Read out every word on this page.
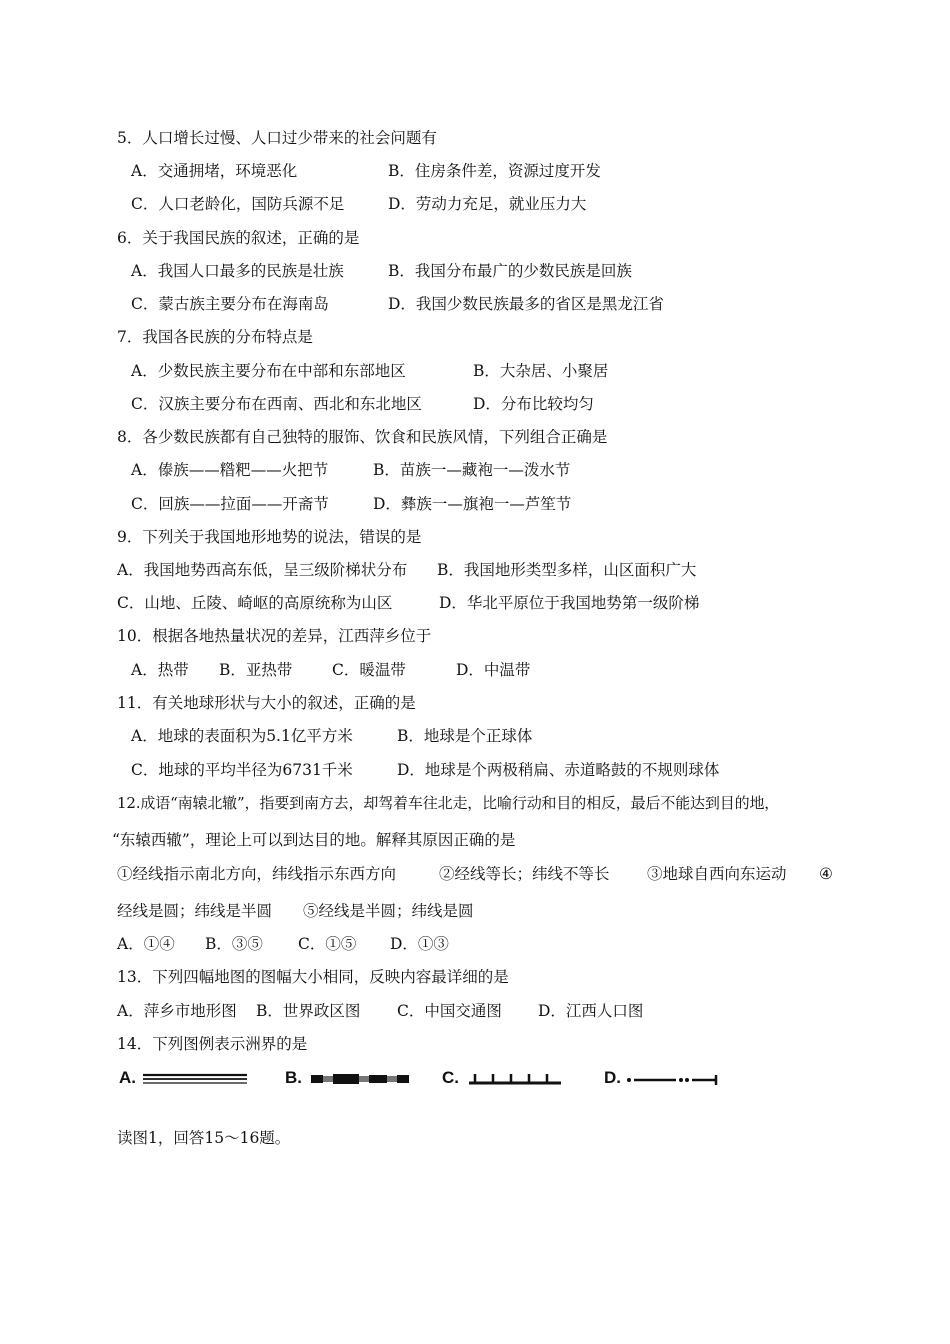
5．人口增长过慢、人口过少带来的社会问题有
A．交通拥堵，环境恶化	B．住房条件差，资源过度开发
C．人口老龄化，国防兵源不足	D．劳动力充足，就业压力大
6．关于我国民族的叙述，正确的是
A．我国人口最多的民族是壮族	B．我国分布最广的少数民族是回族
C．蒙古族主要分布在海南岛	D．我国少数民族最多的省区是黑龙江省
7．我国各民族的分布特点是
A．少数民族主要分布在中部和东部地区	B．大杂居、小聚居
C．汉族主要分布在西南、西北和东北地区	D．分布比较均匀
8．各少数民族都有自己独特的服饰、饮食和民族风情，下列组合正确是
A．傣族——糌粑——火把节	B．苗族一—藏袍一—泼水节
C．回族——拉面——开斋节	D．彝族一—旗袍一—芦笙节
9．下列关于我国地形地势的说法，错误的是
A．我国地势西高东低，呈三级阶梯状分布 B．我国地形类型多样，山区面积广大
C．山地、丘陵、崎岖的高原统称为山区	D．华北平原位于我国地势第一级阶梯
10．根据各地热量状况的差异，江西萍乡位于
A．热带 B．亚热带	C．暖温带	D．中温带
11．有关地球形状与大小的叙述，正确的是
A．地球的表面积为5.1亿平方米	B．地球是个正球体
C．地球的平均半径为6731千米	D．地球是个两极稍扁、赤道略鼓的不规则球体
12.成语“南辕北辙”，指要到南方去，却驾着车往北走，比喻行动和目的相反，最后不能达到目的地，
“东辕西辙”，理论上可以到达目的地。解释其原因正确的是
①经线指示南北方向，纬线指示东西方向	②经线等长；纬线不等长 ③地球自西向东运动 ④
经线是圆；纬线是半圆　　⑤经线是半圆；纬线是圆
A．①④ B．③⑤ C．①⑤ D．①③
13．下列四幅地图的图幅大小相同，反映内容最详细的是
A．萍乡市地形图 B．世界政区图 C．中国交通图 D．江西人口图
14．下列图例表示洲界的是
A.	B.	C.	D.
读图1，回答15～16题。
